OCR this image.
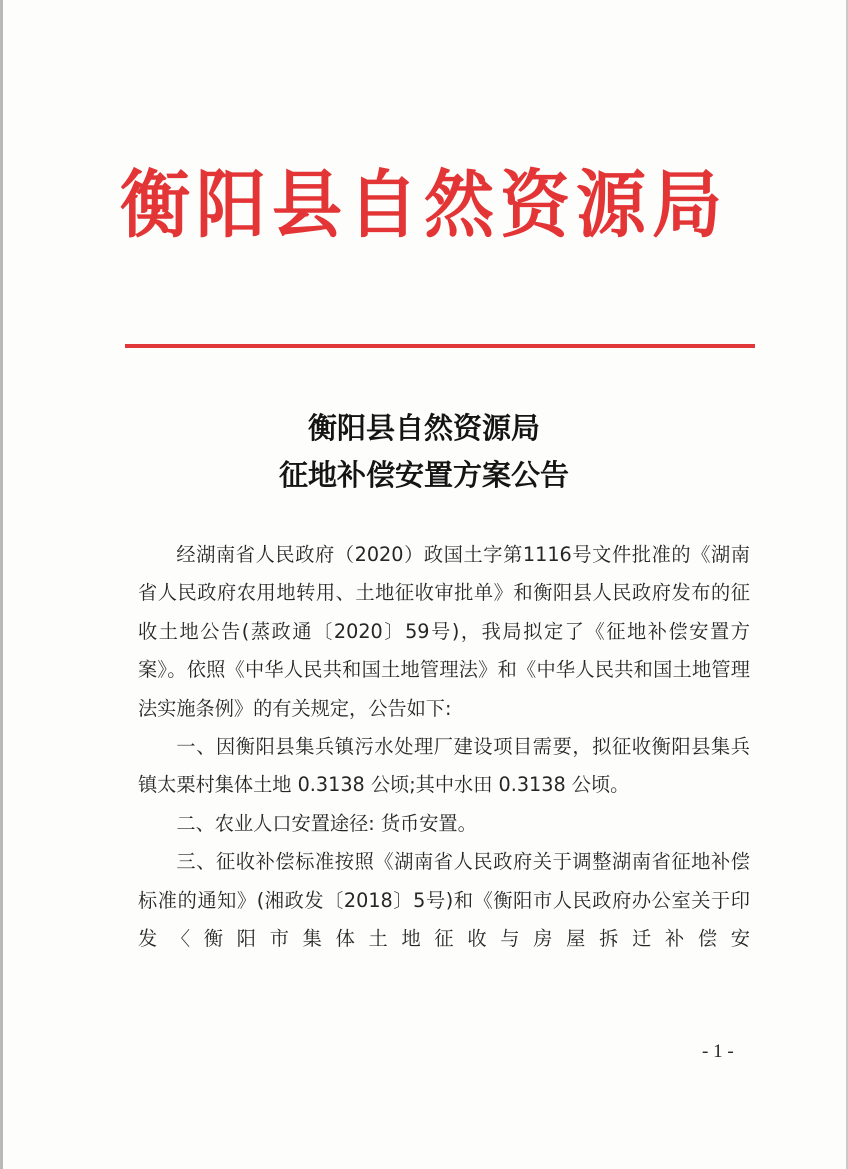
衡阳县自然资源局
衡阳县自然资源局
征地补偿安置方案公告

经湖南省人民政府（2020）政国土字第1116号文件批准的《湖南省人民政府农用地转用、土地征收审批单》和衡阳县人民政府发布的征收土地公告(蒸政通〔2020〕59号)，我局拟定了《征地补偿安置方案》。依照《中华人民共和国土地管理法》和《中华人民共和国土地管理法实施条例》的有关规定，公告如下:

一、因衡阳县集兵镇污水处理厂建设项目需要，拟征收衡阳县集兵镇太栗村集体土地 0.3138 公顷;其中水田 0.3138 公顷。

二、农业人口安置途径: 货币安置。

三、征收补偿标准按照《湖南省人民政府关于调整湖南省征地补偿标准的通知》(湘政发〔2018〕5号)和《衡阳市人民政府办公室关于印发〈衡阳市集体土地征收与房屋拆迁补偿安

- 1 -
